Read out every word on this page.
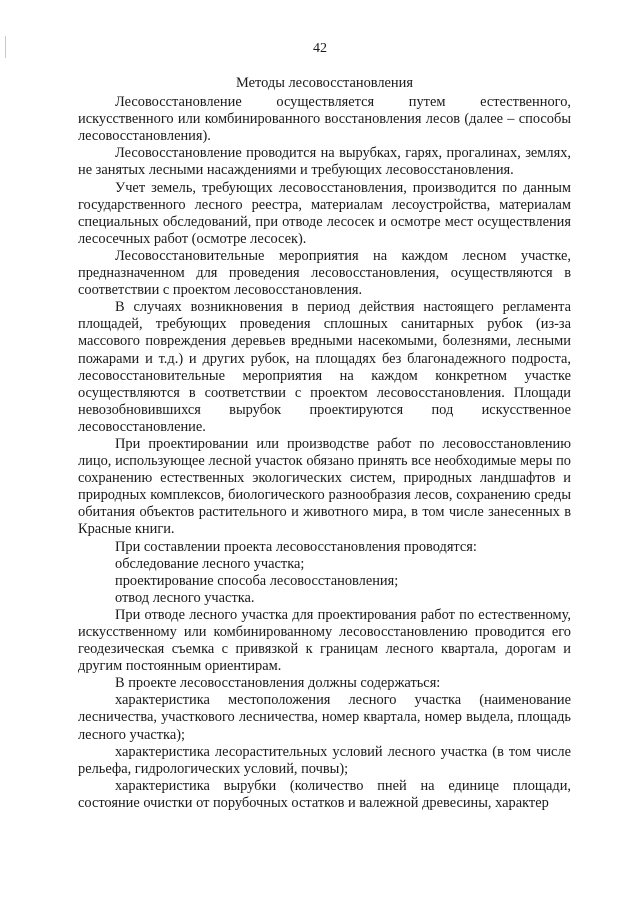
42
Методы лесовосстановления

Лесовосстановление осуществляется путем естественного, искусственного или комбинированного восстановления лесов (далее – способы лесовосстановления).

Лесовосстановление проводится на вырубках, гарях, прогалинах, землях, не занятых лесными насаждениями и требующих лесовосстановления.

Учет земель, требующих лесовосстановления, производится по данным государственного лесного реестра, материалам лесоустройства, материалам специальных обследований, при отводе лесосек и осмотре мест осуществления лесосечных работ (осмотре лесосек).

Лесовосстановительные мероприятия на каждом лесном участке, предназначенном для проведения лесовосстановления, осуществляются в соответствии с проектом лесовосстановления.

В случаях возникновения в период действия настоящего регламента площадей, требующих проведения сплошных санитарных рубок (из-за массового повреждения деревьев вредными насекомыми, болезнями, лесными пожарами и т.д.) и других рубок, на площадях без благонадежного подроста, лесовосстановительные мероприятия на каждом конкретном участке осуществляются в соответствии с проектом лесовосстановления. Площади невозобновившихся вырубок проектируются под искусственное лесовосстановление.

При проектировании или производстве работ по лесовосстановлению лицо, использующее лесной участок обязано принять все необходимые меры по сохранению естественных экологических систем, природных ландшафтов и природных комплексов, биологического разнообразия лесов, сохранению среды обитания объектов растительного и животного мира, в том числе занесенных в Красные книги.

При составлении проекта лесовосстановления проводятся:

обследование лесного участка;

проектирование способа лесовосстановления;

отвод лесного участка.

При отводе лесного участка для проектирования работ по естественному, искусственному или комбинированному лесовосстановлению проводится его геодезическая съемка с привязкой к границам лесного квартала, дорогам и другим постоянным ориентирам.

В проекте лесовосстановления должны содержаться:

характеристика местоположения лесного участка (наименование лесничества, участкового лесничества, номер квартала, номер выдела, площадь лесного участка);

характеристика лесорастительных условий лесного участка (в том числе рельефа, гидрологических условий, почвы);

характеристика вырубки (количество пней на единице площади, состояние очистки от порубочных остатков и валежной древесины, характер
